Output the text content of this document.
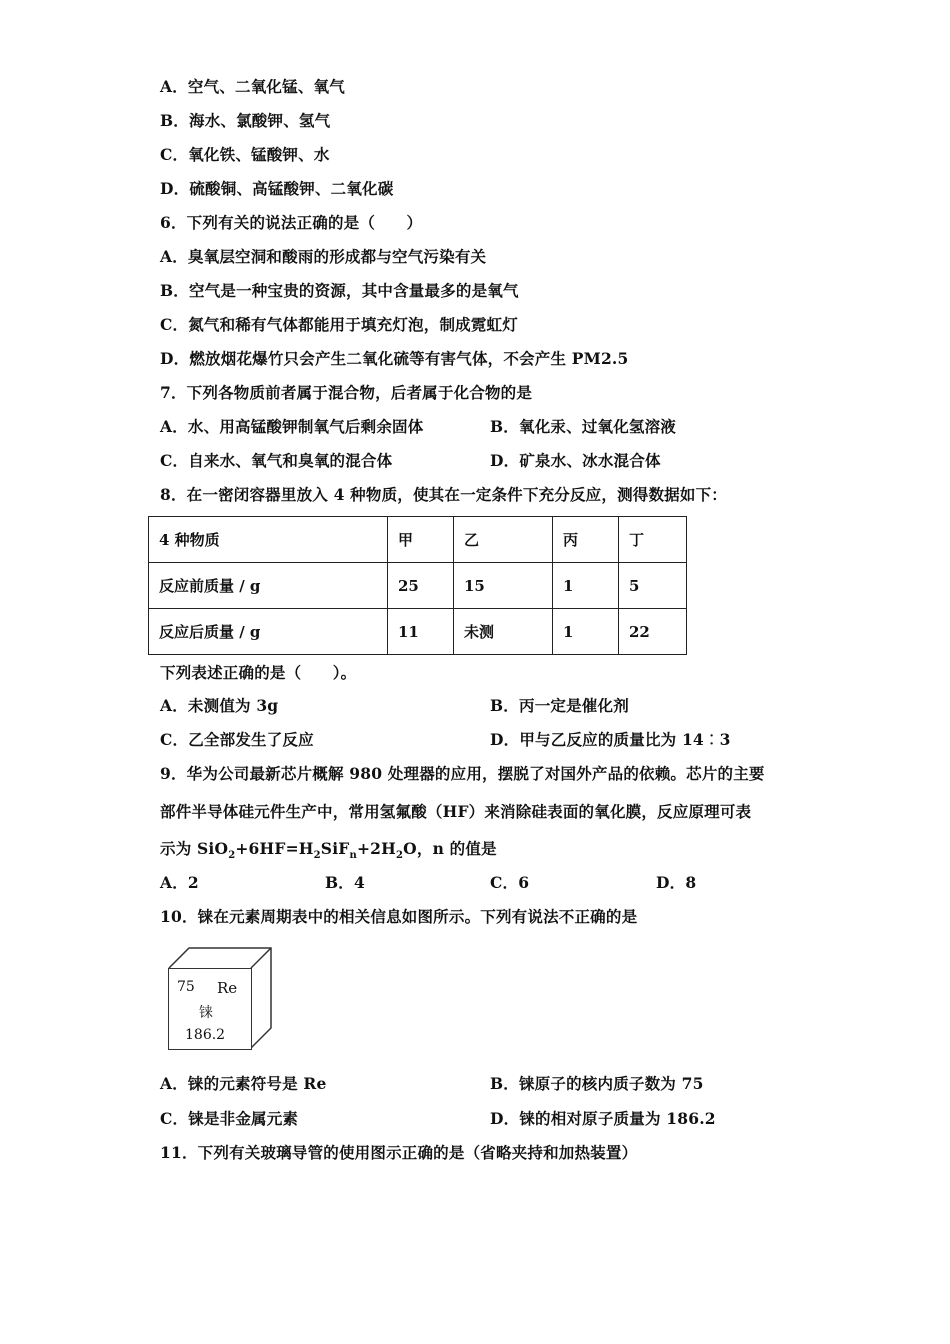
A．空气、二氧化锰、氧气
B．海水、氯酸钾、氢气
C．氧化铁、锰酸钾、水
D．硫酸铜、高锰酸钾、二氧化碳
6．下列有关的说法正确的是（　　）
A．臭氧层空洞和酸雨的形成都与空气污染有关
B．空气是一种宝贵的资源，其中含量最多的是氧气
C．氮气和稀有气体都能用于填充灯泡，制成霓虹灯
D．燃放烟花爆竹只会产生二氧化硫等有害气体，不会产生 PM2.5
7．下列各物质前者属于混合物，后者属于化合物的是
A．水、用高锰酸钾制氧气后剩余固体	B．氧化汞、过氧化氢溶液
C．自来水、氧气和臭氧的混合体	D．矿泉水、冰水混合体
8．在一密闭容器里放入 4 种物质，使其在一定条件下充分反应，测得数据如下：
4 种物质	甲	乙	丙	丁
反应前质量 / g	25	15	1	5
反应后质量 / g	11	未测	1	22
下列表述正确的是（　　）。
A．未测值为 3g	B．丙一定是催化剂
C．乙全部发生了反应	D．甲与乙反应的质量比为 14︰3
9．华为公司最新芯片概解 980 处理器的应用，摆脱了对国外产品的依赖。芯片的主要
部件半导体硅元件生产中，常用氢氟酸（HF）来消除硅表面的氧化膜，反应原理可表
示为 $SiO_2+6HF=H_2SiF_n+2H_2O$，n 的值是
A．2	B．4	C．6	D．8
10．铼在元素周期表中的相关信息如图所示。下列有说法不正确的是
75 Re
铼
186.2
A．铼的元素符号是 Re	B．铼原子的核内质子数为 75
C．铼是非金属元素	D．铼的相对原子质量为 186.2
11．下列有关玻璃导管的使用图示正确的是（省略夹持和加热装置）
